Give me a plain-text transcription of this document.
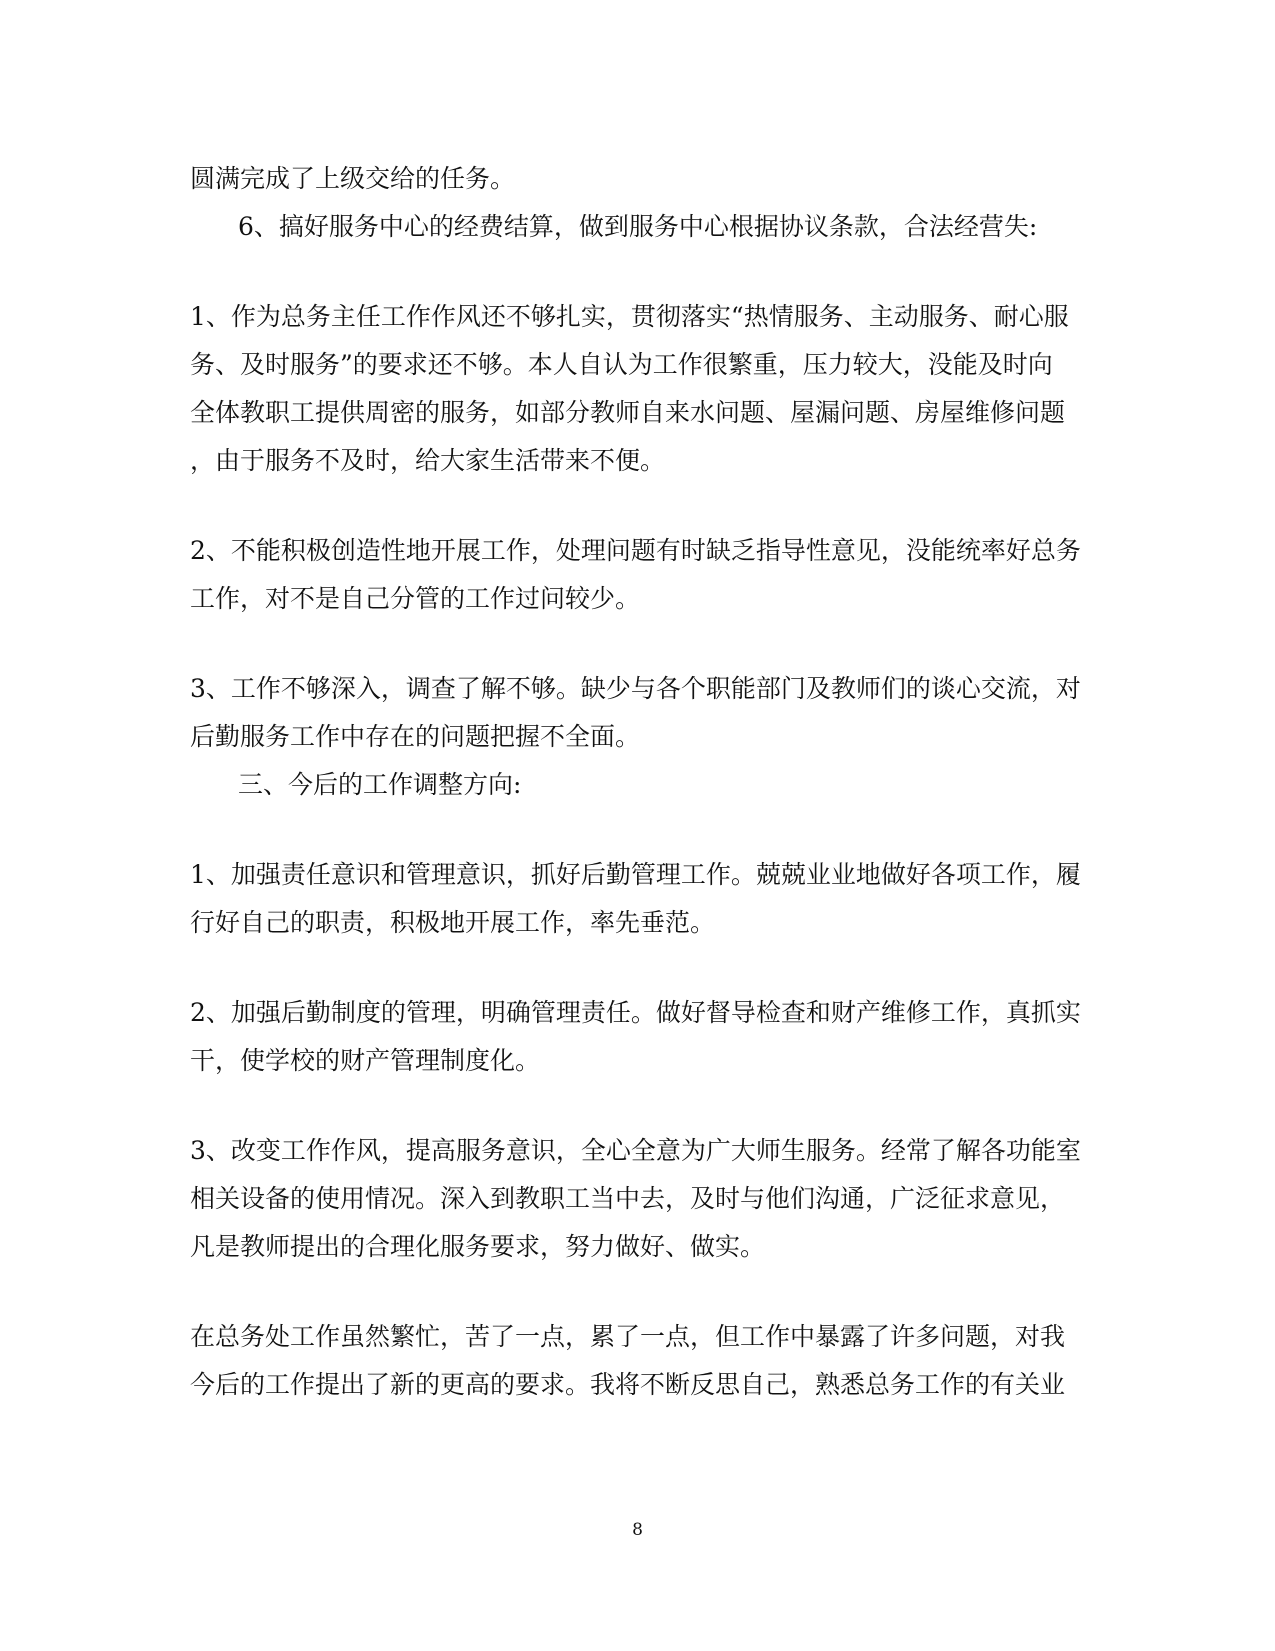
圆满完成了上级交给的任务。
6、搞好服务中心的经费结算，做到服务中心根据协议条款，合法经营失:
1、作为总务主任工作作风还不够扎实，贯彻落实“热情服务、主动服务、耐心服
务、及时服务”的要求还不够。本人自认为工作很繁重，压力较大，没能及时向
全体教职工提供周密的服务，如部分教师自来水问题、屋漏问题、房屋维修问题
，由于服务不及时，给大家生活带来不便。
2、不能积极创造性地开展工作，处理问题有时缺乏指导性意见，没能统率好总务
工作，对不是自己分管的工作过问较少。
3、工作不够深入，调查了解不够。缺少与各个职能部门及教师们的谈心交流，对
后勤服务工作中存在的问题把握不全面。
三、今后的工作调整方向:
1、加强责任意识和管理意识，抓好后勤管理工作。兢兢业业地做好各项工作，履
行好自己的职责，积极地开展工作，率先垂范。
2、加强后勤制度的管理，明确管理责任。做好督导检查和财产维修工作，真抓实
干，使学校的财产管理制度化。
3、改变工作作风，提高服务意识，全心全意为广大师生服务。经常了解各功能室
相关设备的使用情况。深入到教职工当中去，及时与他们沟通，广泛征求意见，
凡是教师提出的合理化服务要求，努力做好、做实。
在总务处工作虽然繁忙，苦了一点，累了一点，但工作中暴露了许多问题，对我
今后的工作提出了新的更高的要求。我将不断反思自己，熟悉总务工作的有关业
8
